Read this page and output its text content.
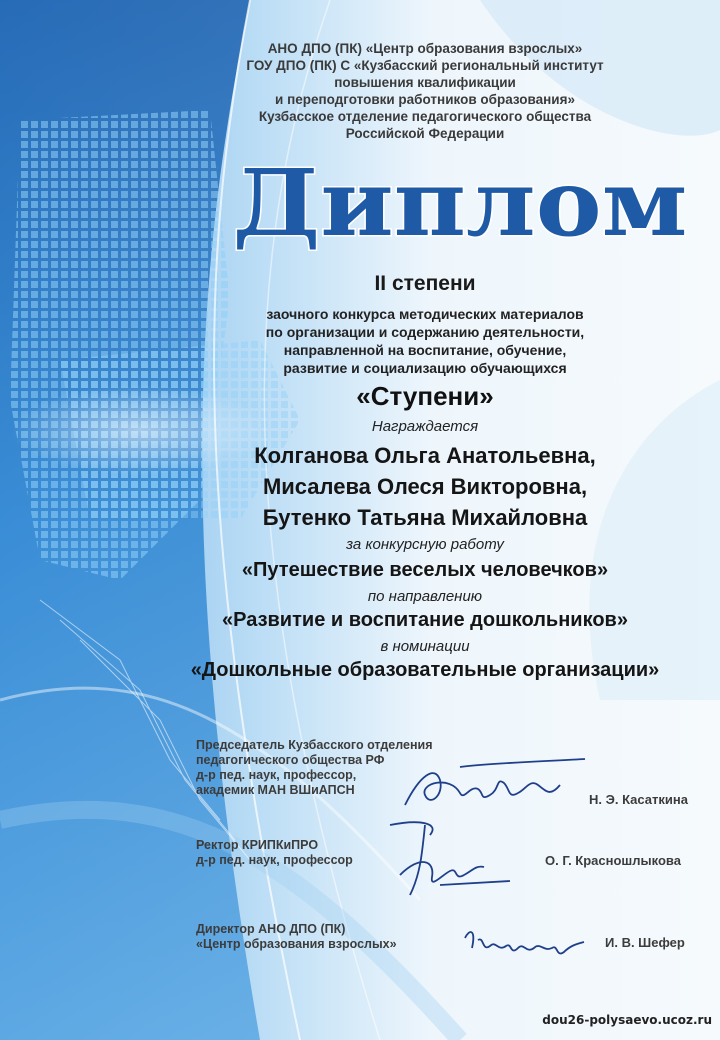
АНО ДПО (ПК) «Центр образования взрослых»
ГОУ ДПО (ПК) С «Кузбасский региональный институт
повышения квалификации
и переподготовки работников образования»
Кузбасское отделение педагогического общества
Российской Федерации
Диплом
II степени
заочного конкурса методических материалов
по организации и содержанию деятельности,
направленной на воспитание, обучение,
развитие и социализацию обучающихся
«Ступени»
Награждается
Колганова Ольга Анатольевна,
Мисалева Олеся Викторовна,
Бутенко Татьяна Михайловна
за конкурсную работу
«Путешествие веселых человечков»
по направлению
«Развитие и воспитание дошкольников»
в номинации
«Дошкольные образовательные организации»
Председатель Кузбасского отделения
педагогического общества РФ
д-р пед. наук, профессор,
академик МАН ВШиАПСН
Н. Э. Касаткина
Ректор КРИПКиПРО
д-р пед. наук, профессор	О. Г. Красношлыкова
Директор АНО ДПО (ПК)
«Центр образования взрослых»	И. В. Шефер
dou26-polysaevo.ucoz.ru
